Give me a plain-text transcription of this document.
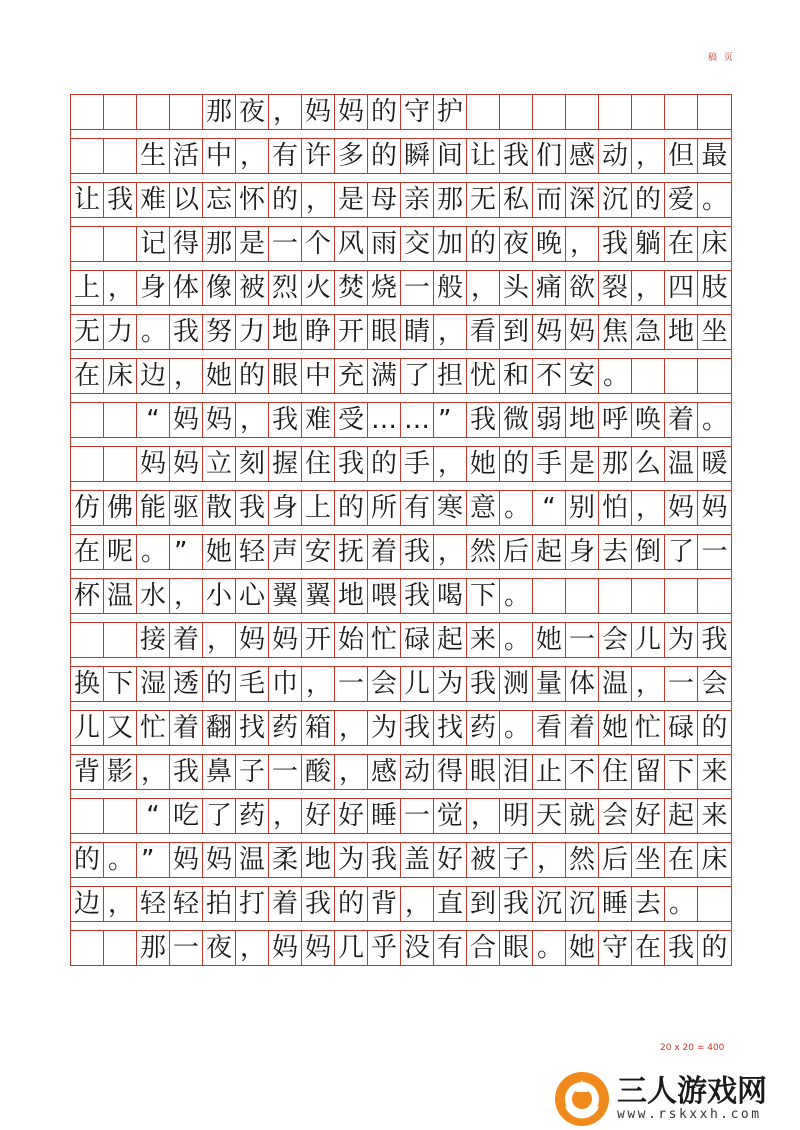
稿 页
那 夜 ， 妈 妈 的 守 护
生 活 中 ， 有 许 多 的 瞬 间 让 我 们 感 动 ， 但 最
让 我 难 以 忘 怀 的 ， 是 母 亲 那 无 私 而 深 沉 的 爱 。
记 得 那 是 一 个 风 雨 交 加 的 夜 晚 ， 我 躺 在 床
上 ， 身 体 像 被 烈 火 焚 烧 一 般 ， 头 痛 欲 裂 ， 四 肢
无 力 。 我 努 力 地 睁 开 眼 睛 ， 看 到 妈 妈 焦 急 地 坐
在 床 边 ， 她 的 眼 中 充 满 了 担 忧 和 不 安 。
“ 妈 妈 ， 我 难 受 … … ” 我 微 弱 地 呼 唤 着 。
妈 妈 立 刻 握 住 我 的 手 ， 她 的 手 是 那 么 温 暖
仿 佛 能 驱 散 我 身 上 的 所 有 寒 意 。 “ 别 怕 ， 妈 妈
在 呢 。 ” 她 轻 声 安 抚 着 我 ， 然 后 起 身 去 倒 了 一
杯 温 水 ， 小 心 翼 翼 地 喂 我 喝 下 。
接 着 ， 妈 妈 开 始 忙 碌 起 来 。 她 一 会 儿 为 我
换 下 湿 透 的 毛 巾 ， 一 会 儿 为 我 测 量 体 温 ， 一 会
儿 又 忙 着 翻 找 药 箱 ， 为 我 找 药 。 看 着 她 忙 碌 的
背 影 ， 我 鼻 子 一 酸 ， 感 动 得 眼 泪 止 不 住 留 下 来
“ 吃 了 药 ， 好 好 睡 一 觉 ， 明 天 就 会 好 起 来
的 。 ” 妈 妈 温 柔 地 为 我 盖 好 被 子 ， 然 后 坐 在 床
边 ， 轻 轻 拍 打 着 我 的 背 ， 直 到 我 沉 沉 睡 去 。
那 一 夜 ， 妈 妈 几 乎 没 有 合 眼 。 她 守 在 我 的
20 x 20 = 400
三人游戏网
www.rskxxh.com
